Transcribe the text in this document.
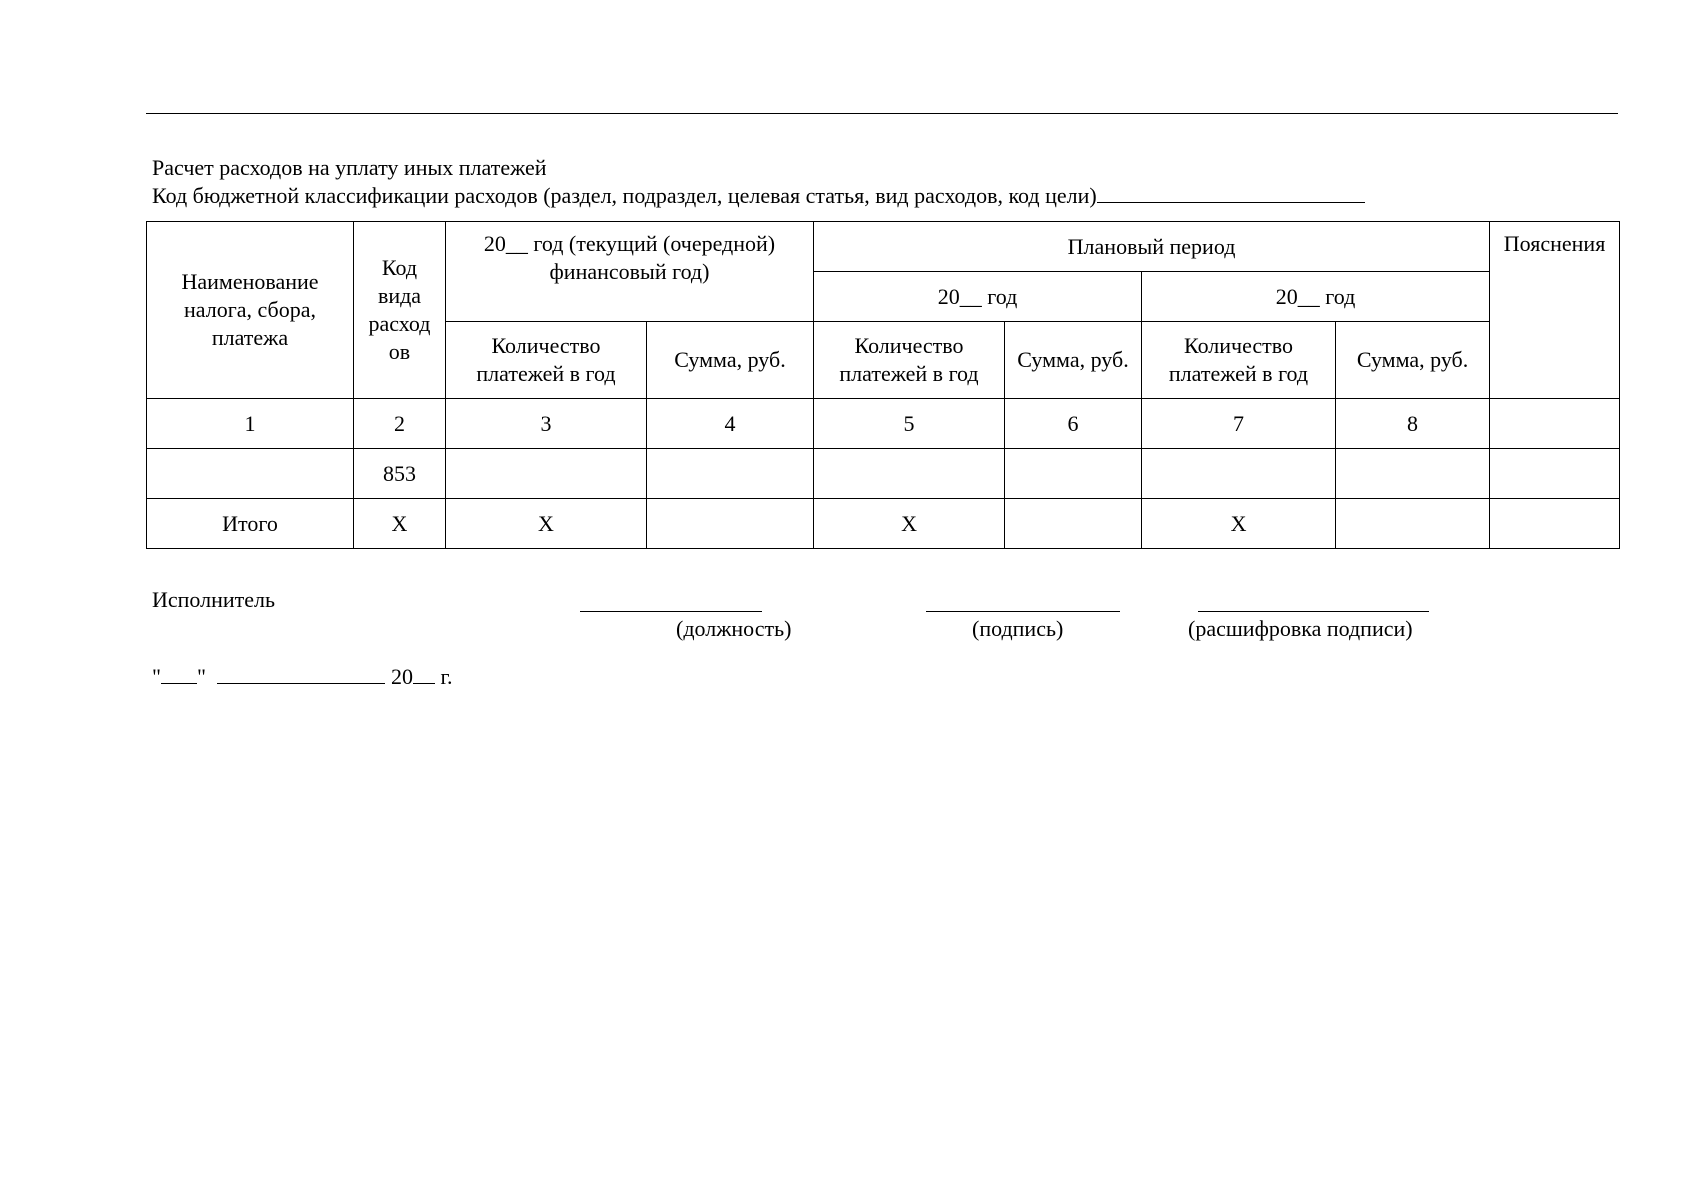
Расчет расходов на уплату иных платежей
Код бюджетной классификации расходов (раздел, подраздел, целевая статья, вид расходов, код цели)
Наименование налога, сбора, платежа	Код вида расход ов	20__ год (текущий (очередной) финансовый год)		Плановый период				Пояснения
				20__ год		20__ год		
		Количество платежей в год	Сумма, руб.	Количество платежей в год	Сумма, руб.	Количество платежей в год	Сумма, руб.	
1	2	3	4	5	6	7	8	
	853							
Итого	X	X		X		X		
Исполнитель
(должность)	(подпись)	(расшифровка подписи)
" "	20 г.
